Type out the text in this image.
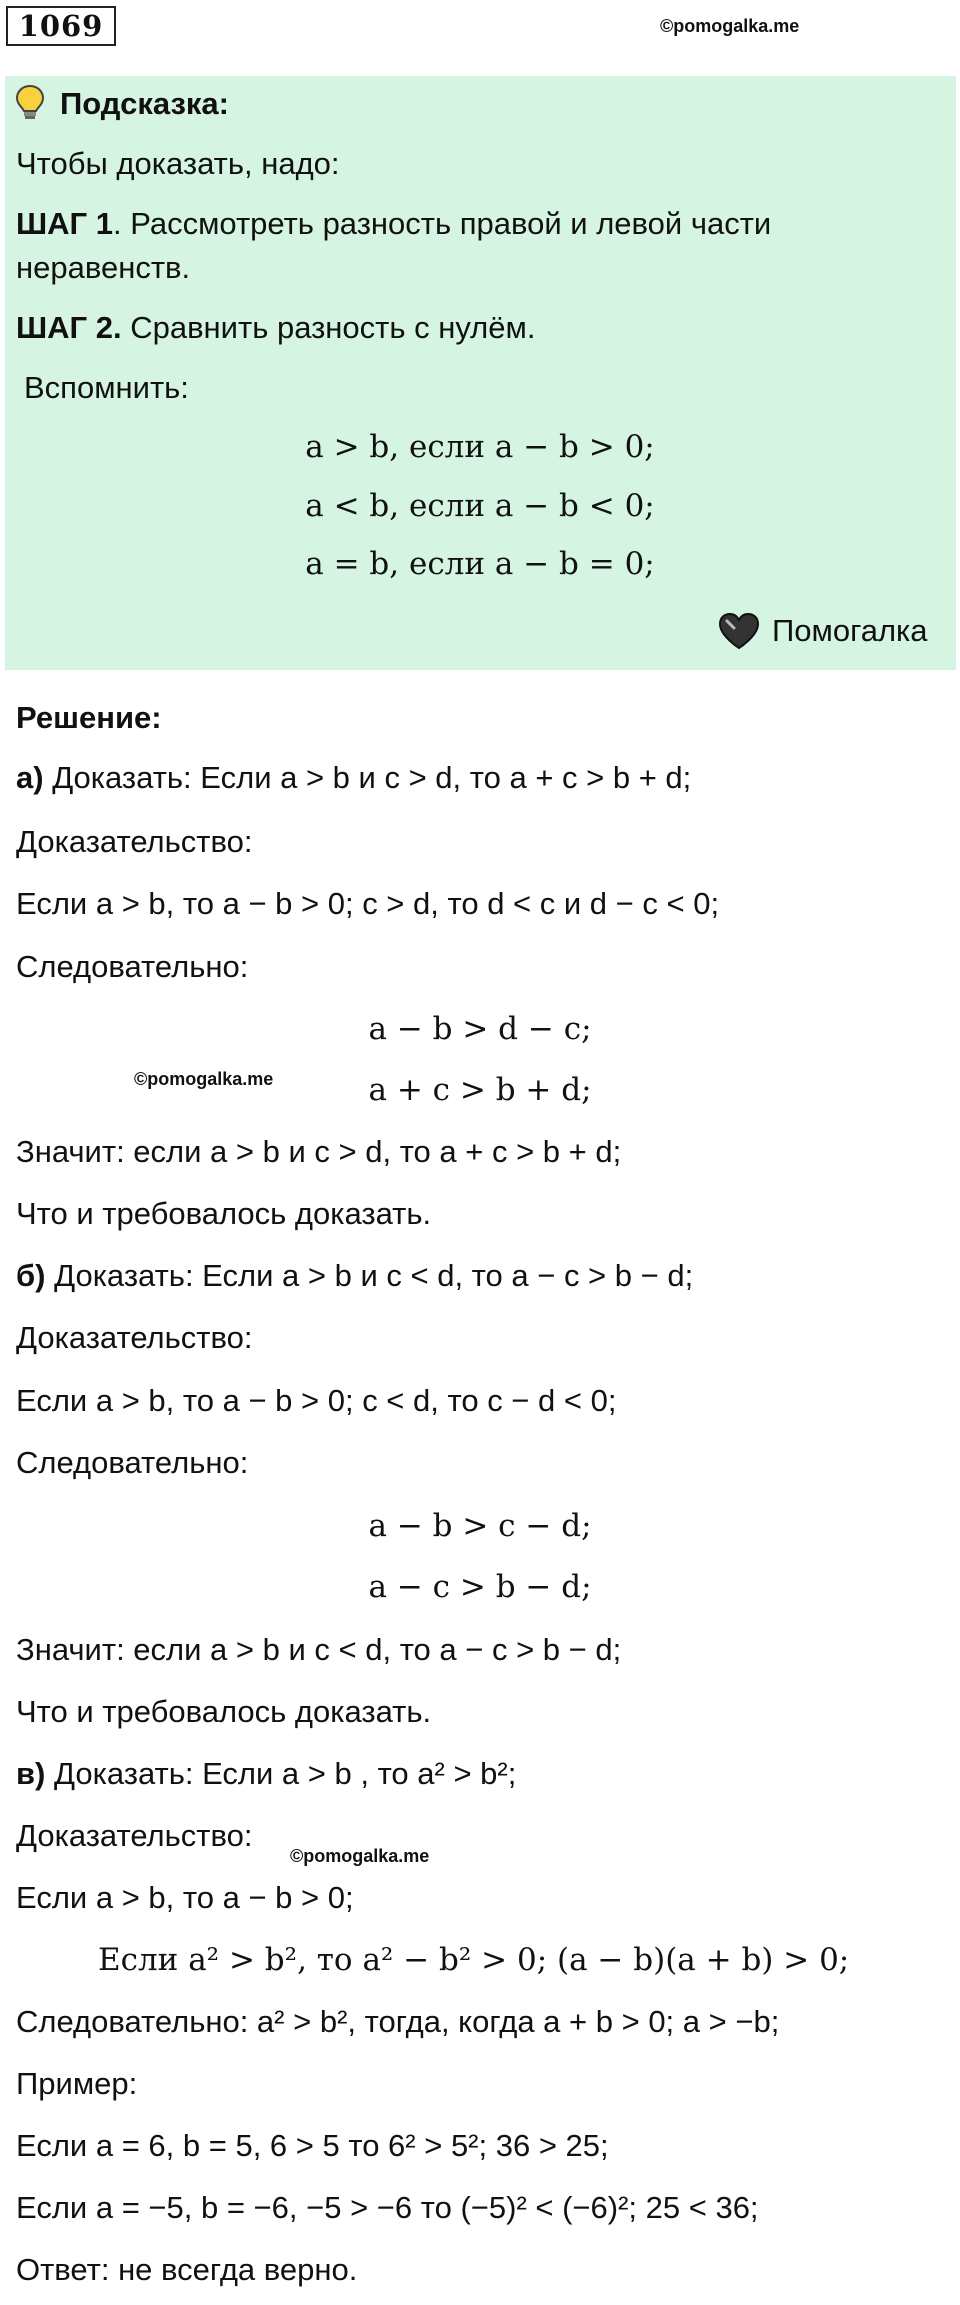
1069	©pomogalka.me
Подсказка:
Чтобы доказать, надо:
ШАГ 1. Рассмотреть разность правой и левой части
неравенств.
ШАГ 2. Сравнить разность с нулём.
Вспомнить:
a > b, если a − b > 0;
a < b, если a − b < 0;
a = b, если a − b = 0;
Помогалка
Решение:
а) Доказать: Если a > b и c > d, то a + c > b + d;
Доказательство:
Если a > b, то a − b > 0; c > d, то d < c и d − c < 0;
Следовательно:
a − b > d − c;
©pomogalka.me	a + c > b + d;
Значит: если a > b и c > d, то a + c > b + d;
Что и требовалось доказать.
б) Доказать: Если a > b и c < d, то a − c > b − d;
Доказательство:
Если a > b, то a − b > 0; c < d, то c − d < 0;
Следовательно:
a − b > c − d;
a − c > b − d;
Значит: если a > b и c < d, то a − c > b − d;
Что и требовалось доказать.
в) Доказать: Если a > b , то a² > b²;
Доказательство:
©pomogalka.me
Если a > b, то a − b > 0;
Если a² > b², то a² − b² > 0; (a − b)(a + b) > 0;
Следовательно: a² > b², тогда, когда a + b > 0; a > −b;
Пример:
Если a = 6, b = 5, 6 > 5 то 6² > 5²; 36 > 25;
Если a = −5, b = −6, −5 > −6 то (−5)² < (−6)²; 25 < 36;
Ответ: не всегда верно.
